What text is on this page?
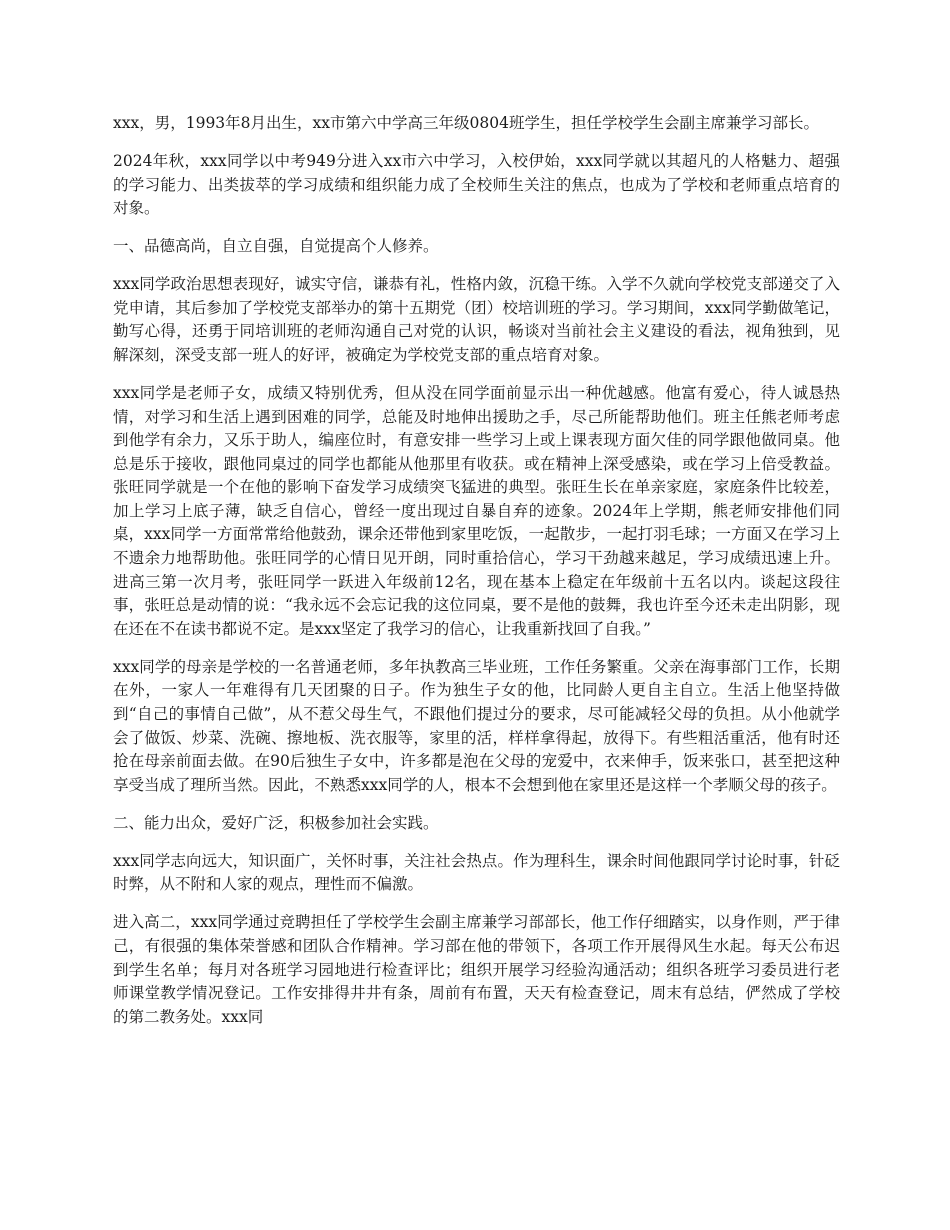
xxx，男，1993年8月出生，xx市第六中学高三年级0804班学生，担任学校学生会副主席兼学习部长。

2024年秋，xxx同学以中考949分进入xx市六中学习，入校伊始，xxx同学就以其超凡的人格魅力、超强的学习能力、出类拔萃的学习成绩和组织能力成了全校师生关注的焦点，也成为了学校和老师重点培育的对象。

一、品德高尚，自立自强，自觉提高个人修养。

xxx同学政治思想表现好，诚实守信，谦恭有礼，性格内敛，沉稳干练。入学不久就向学校党支部递交了入党申请，其后参加了学校党支部举办的第十五期党（团）校培训班的学习。学习期间，xxx同学勤做笔记，勤写心得，还勇于同培训班的老师沟通自己对党的认识，畅谈对当前社会主义建设的看法，视角独到，见解深刻，深受支部一班人的好评，被确定为学校党支部的重点培育对象。

xxx同学是老师子女，成绩又特别优秀，但从没在同学面前显示出一种优越感。他富有爱心，待人诚恳热情，对学习和生活上遇到困难的同学，总能及时地伸出援助之手，尽己所能帮助他们。班主任熊老师考虑到他学有余力，又乐于助人，编座位时，有意安排一些学习上或上课表现方面欠佳的同学跟他做同桌。他总是乐于接收，跟他同桌过的同学也都能从他那里有收获。或在精神上深受感染，或在学习上倍受教益。张旺同学就是一个在他的影响下奋发学习成绩突飞猛进的典型。张旺生长在单亲家庭，家庭条件比较差，加上学习上底子薄，缺乏自信心，曾经一度出现过自暴自弃的迹象。2024年上学期，熊老师安排他们同桌，xxx同学一方面常常给他鼓劲，课余还带他到家里吃饭，一起散步，一起打羽毛球；一方面又在学习上不遗余力地帮助他。张旺同学的心情日见开朗，同时重拾信心，学习干劲越来越足，学习成绩迅速上升。进高三第一次月考，张旺同学一跃进入年级前12名，现在基本上稳定在年级前十五名以内。谈起这段往事，张旺总是动情的说：“我永远不会忘记我的这位同桌，要不是他的鼓舞，我也许至今还未走出阴影，现在还在不在读书都说不定。是xxx坚定了我学习的信心，让我重新找回了自我。”

xxx同学的母亲是学校的一名普通老师，多年执教高三毕业班，工作任务繁重。父亲在海事部门工作，长期在外，一家人一年难得有几天团聚的日子。作为独生子女的他，比同龄人更自主自立。生活上他坚持做到“自己的事情自己做”，从不惹父母生气，不跟他们提过分的要求，尽可能减轻父母的负担。从小他就学会了做饭、炒菜、洗碗、擦地板、洗衣服等，家里的活，样样拿得起，放得下。有些粗活重活，他有时还抢在母亲前面去做。在90后独生子女中，许多都是泡在父母的宠爱中，衣来伸手，饭来张口，甚至把这种享受当成了理所当然。因此，不熟悉xxx同学的人，根本不会想到他在家里还是这样一个孝顺父母的孩子。

二、能力出众，爱好广泛，积极参加社会实践。

xxx同学志向远大，知识面广，关怀时事，关注社会热点。作为理科生，课余时间他跟同学讨论时事，针砭时弊，从不附和人家的观点，理性而不偏激。

进入高二，xxx同学通过竞聘担任了学校学生会副主席兼学习部部长，他工作仔细踏实，以身作则，严于律己，有很强的集体荣誉感和团队合作精神。学习部在他的带领下，各项工作开展得风生水起。每天公布迟到学生名单；每月对各班学习园地进行检查评比；组织开展学习经验沟通活动；组织各班学习委员进行老师课堂教学情况登记。工作安排得井井有条，周前有布置，天天有检查登记，周末有总结，俨然成了学校的第二教务处。xxx同
